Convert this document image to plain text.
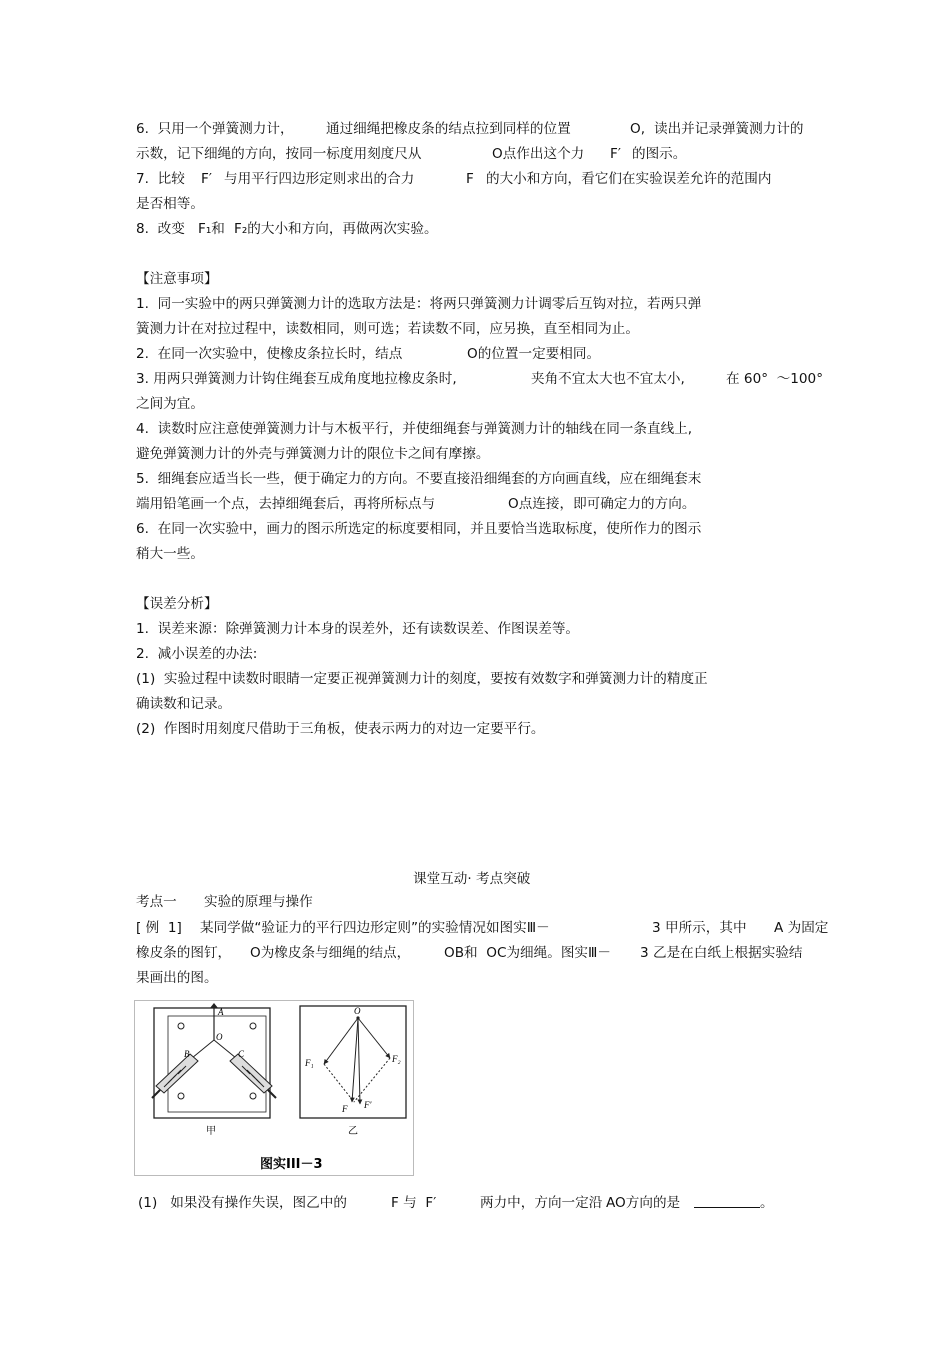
6.  只用一个弹簧测力计，

通过细绳把橡皮条的结点拉到同样的位置

	O,

读出并记录弹簧测力计的

示数，记下细绳的方向，按同一标度用刻度尺从

	O点作出这个力

F′

的图示。

7.  比较

F′

与用平行四边形定则求出的合力

	F

的大小和方向，看它们在实验误差允许的范围内

是否相等。

8.  改变

F₁和

F₂的大小和方向，再做两次实验。

【注意事项】
1.  同一实验中的两只弹簧测力计的选取方法是：将两只弹簧测力计调零后互钩对拉，若两只弹
簧测力计在对拉过程中，读数相同，则可选；若读数不同，应另换，直至相同为止。

2.  在同一次实验中，使橡皮条拉长时，结点

	O的位置一定要相同。

3. 用两只弹簧测力计钩住绳套互成角度地拉橡皮条时,

	夹角不宜太大也不宜太小,

	在 60°  ～100°

之间为宜。
4.  读数时应注意使弹簧测力计与木板平行，并使细绳套与弹簧测力计的轴线在同一条直线上,
避免弹簧测力计的外壳与弹簧测力计的限位卡之间有摩擦。
5.  细绳套应适当长一些，便于确定力的方向。不要直接沿细绳套的方向画直线，应在细绳套末

端用铅笔画一个点，去掉细绳套后，再将所标点与

	O点连接，即可确定力的方向。

6.  在同一次实验中，画力的图示所选定的标度要相同，并且要恰当选取标度，使所作力的图示
稍大一些。
【误差分析】
1.  误差来源：除弹簧测力计本身的误差外，还有读数误差、作图误差等。
2.  减小误差的办法:
(1)  实验过程中读数时眼睛一定要正视弹簧测力计的刻度，要按有效数字和弹簧测力计的精度正
确读数和记录。
(2)  作图时用刻度尺借助于三角板，使表示两力的对边一定要平行。
课堂互动· 考点突破

考点一

实验的原理与操作

[ 例  1]

某同学做“验证力的平行四边形定则”的实验情况如图实Ⅲ－

	3 甲所示，其中

A 为固定

橡皮条的图钉，

O为橡皮条与细绳的结点，

OB和  OC为细绳。图实Ⅲ－

3 乙是在白纸上根据实验结

果画出的图。
A
O
B	C
甲
O
F₁	F₂
F F′
乙
图实III－3

(1)   如果没有操作失误，图乙中的

	F 与  F′

	两力中，方向一定沿

AO方向的是

	。
